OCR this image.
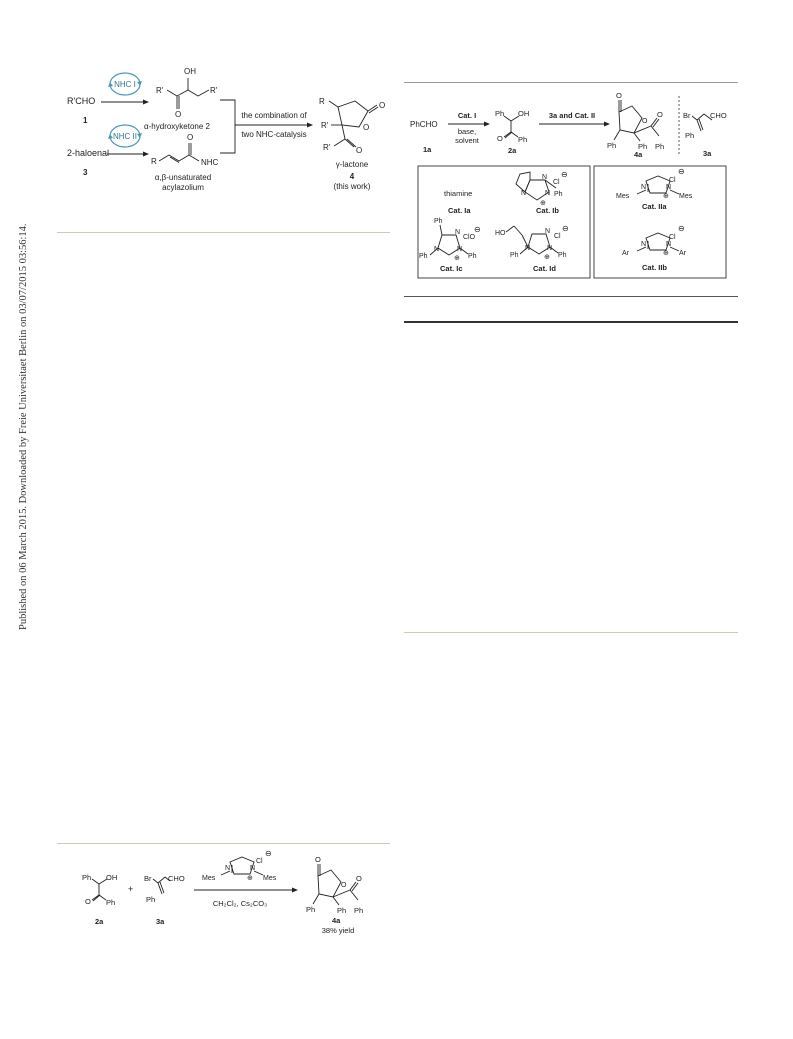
Published on 06 March 2015. Downloaded by Freie Universitaet Berlin on 03/07/2015 03:56:14.
R'CHO
1
NHC I
OH
R'	R'
O
α-hydroxyketone 2
2-haloenal
3
NHC II
R
O
NHC
α,β-unsaturated
acylazolium
the combination of
two NHC-catalysis
R
R'
R'
O
O
O
γ-lactone
4
(this work)
PhCHO
1a
Cat. I
base,
solvent
Ph OH
O Ph
2a
3a and Cat. II
O
O
O
Ph	Ph Ph
4a
Br	CHO
Ph
3a
thiamine
Cat. Ia
N
N	N
Cl
⊖
Ph
⊕
Cat. Ib
Ph
N
N	N
ClO
⊖
Ph	Ph
⊕
Cat. Ic
HO	N
N N
Cl
⊖
Ph	Ph
⊕
Cat. Id
N	N
Mes	Mes
Cl
⊖
⊕
Cat. IIa
N	N
Ar	Ar
Cl
⊖
⊕
Cat. IIb
Ph OH
O Ph
2a
+
Br CHO
Ph
3a
N	N
Mes	Mes
Cl
⊖
⊕
CH₂Cl₂, Cs₂CO₃
O
O
O
Ph	Ph Ph
4a
38% yield
